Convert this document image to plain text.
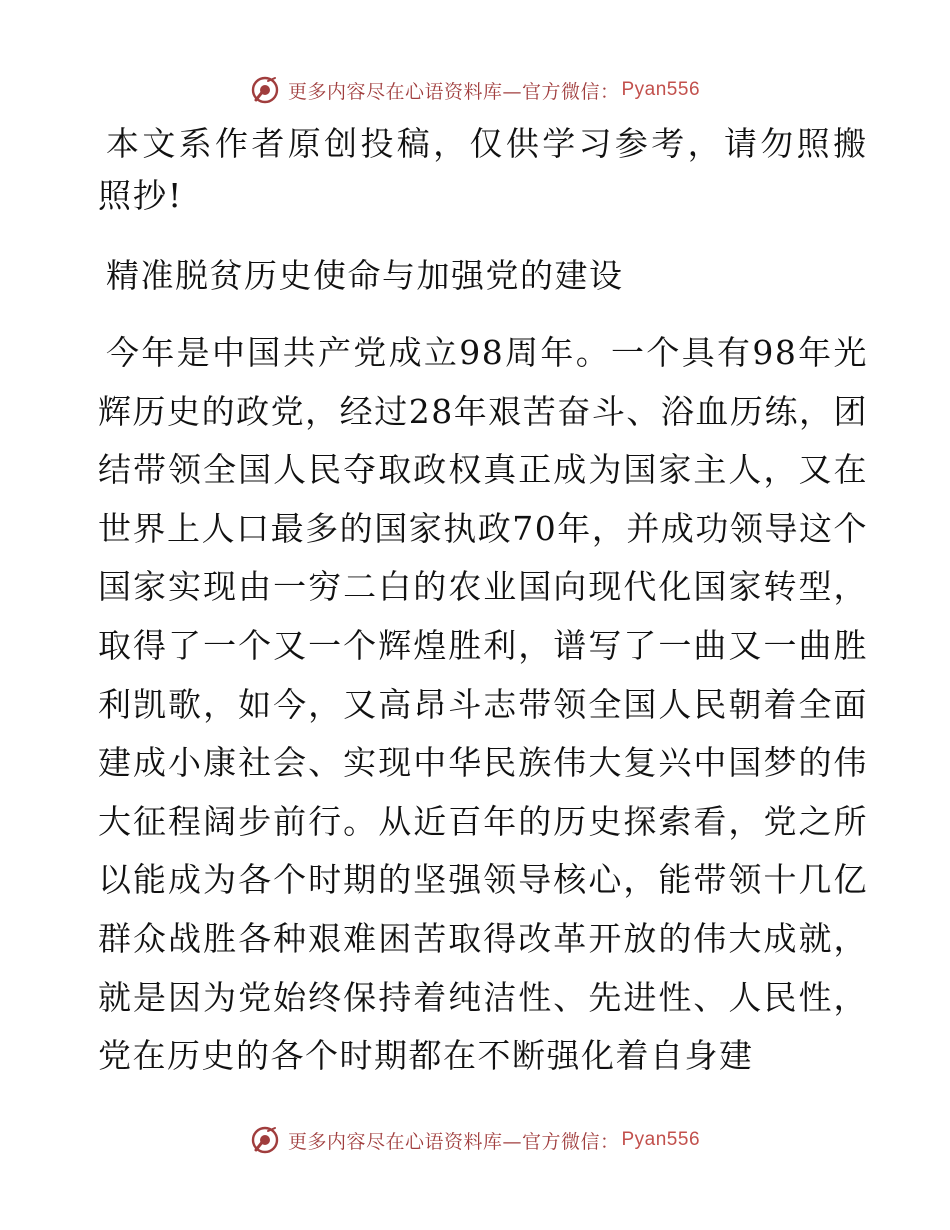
更多内容尽在心语资料库—官方微信： Pyan556

本文系作者原创投稿，仅供学习参考，请勿照搬照抄!

精准脱贫历史使命与加强党的建设

今年是中国共产党成立98周年。一个具有98年光辉历史的政党，经过28年艰苦奋斗、浴血历练，团结带领全国人民夺取政权真正成为国家主人，又在世界上人口最多的国家执政70年，并成功领导这个国家实现由一穷二白的农业国向现代化国家转型，取得了一个又一个辉煌胜利，谱写了一曲又一曲胜利凯歌，如今，又高昂斗志带领全国人民朝着全面建成小康社会、实现中华民族伟大复兴中国梦的伟大征程阔步前行。从近百年的历史探索看，党之所以能成为各个时期的坚强领导核心，能带领十几亿群众战胜各种艰难困苦取得改革开放的伟大成就，就是因为党始终保持着纯洁性、先进性、人民性，党在历史的各个时期都在不断强化着自身建

更多内容尽在心语资料库—官方微信： Pyan556
